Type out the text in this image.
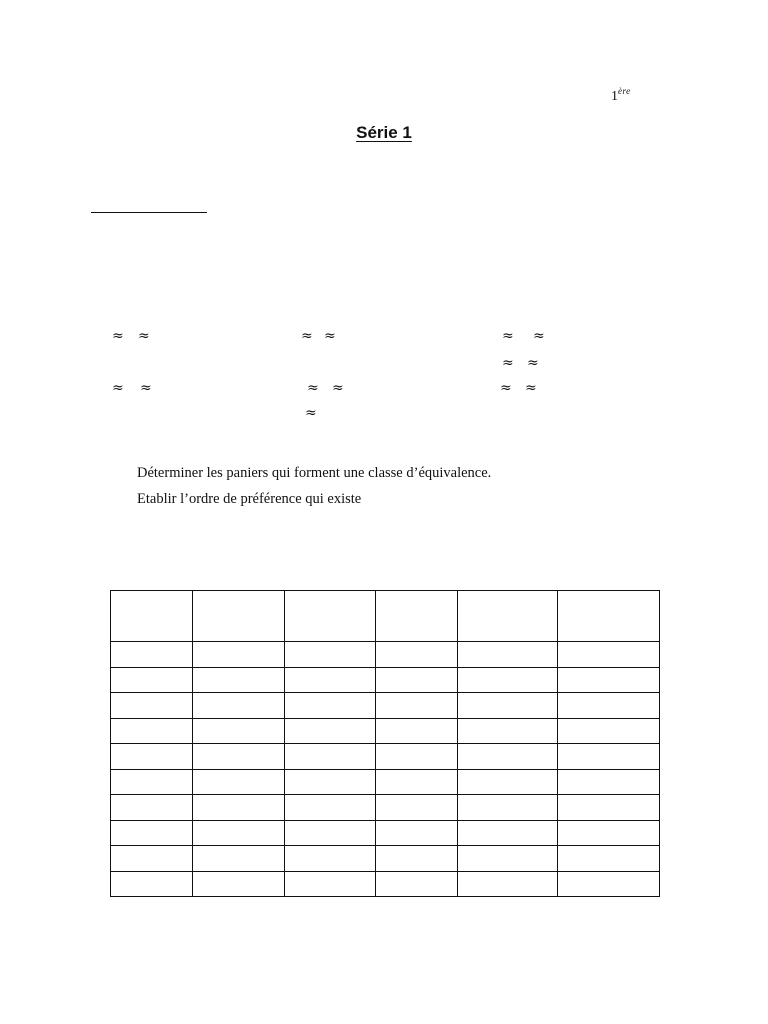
1ère
Série 1
≈ ≈	≈ ≈	≈ ≈
≈ ≈
≈ ≈	≈ ≈	≈ ≈
≈
Déterminer les paniers qui forment une classe d’équivalence.
Etablir l’ordre de préférence qui existe
